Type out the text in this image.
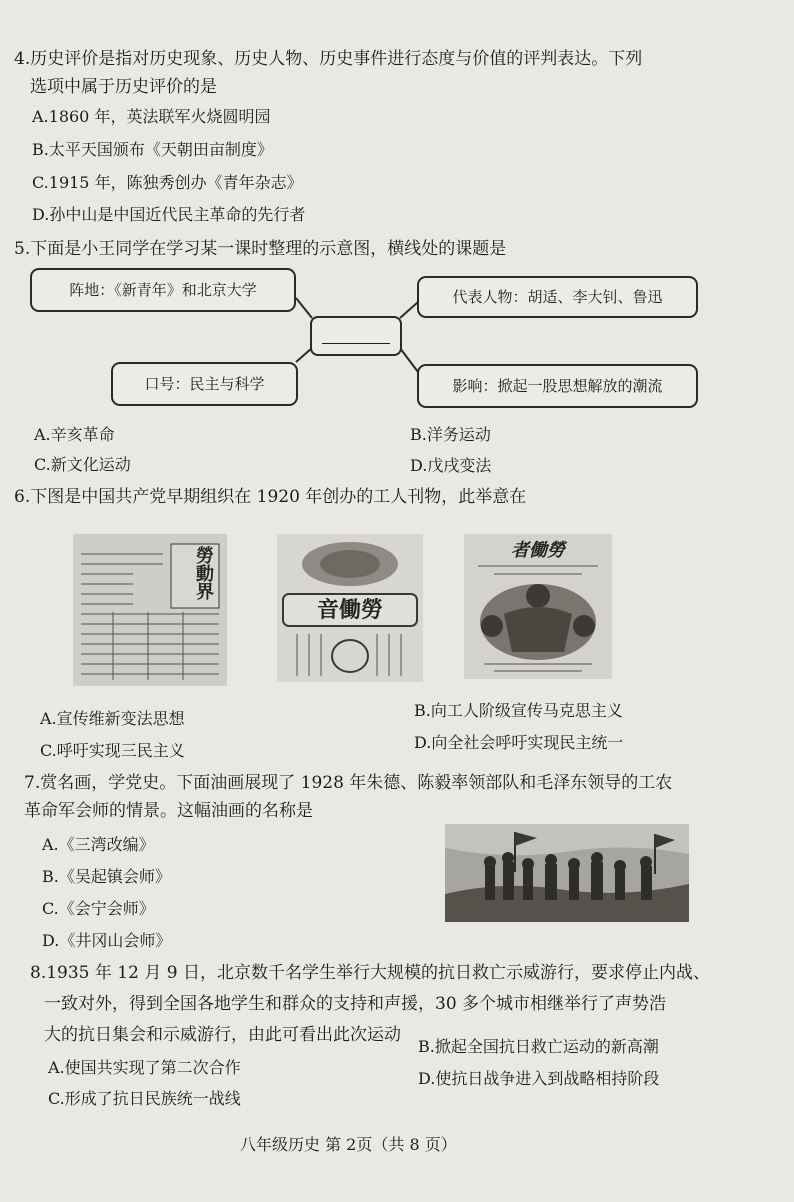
4.历史评价是指对历史现象、历史人物、历史事件进行态度与价值的评判表达。下列
选项中属于历史评价的是
A.1860 年，英法联军火烧圆明园
B.太平天国颁布《天朝田亩制度》
C.1915 年，陈独秀创办《青年杂志》
D.孙中山是中国近代民主革命的先行者
5.下面是小王同学在学习某一课时整理的示意图，横线处的课题是
阵地：《新青年》和北京大学	代表人物：胡适、李大钊、鲁迅
口号：民主与科学	影响：掀起一股思想解放的潮流
A.辛亥革命	B.洋务运动
C.新文化运动	D.戊戌变法
6.下图是中国共产党早期组织在 1920 年创办的工人刊物，此举意在
勞動界
音働勞
者働勞
A.宣传维新变法思想	B.向工人阶级宣传马克思主义
C.呼吁实现三民主义	D.向全社会呼吁实现民主统一
7.赏名画，学党史。下面油画展现了 1928 年朱德、陈毅率领部队和毛泽东领导的工农
革命军会师的情景。这幅油画的名称是
A.《三湾改编》
B.《吴起镇会师》
C.《会宁会师》
D.《井冈山会师》
8.1935 年 12 月 9 日，北京数千名学生举行大规模的抗日救亡示威游行，要求停止内战、
一致对外，得到全国各地学生和群众的支持和声援，30 多个城市相继举行了声势浩
大的抗日集会和示威游行，由此可看出此次运动
A.使国共实现了第二次合作
B.掀起全国抗日救亡运动的新高潮
C.形成了抗日民族统一战线
D.使抗日战争进入到战略相持阶段
八年级历史 第 2页（共 8 页）
